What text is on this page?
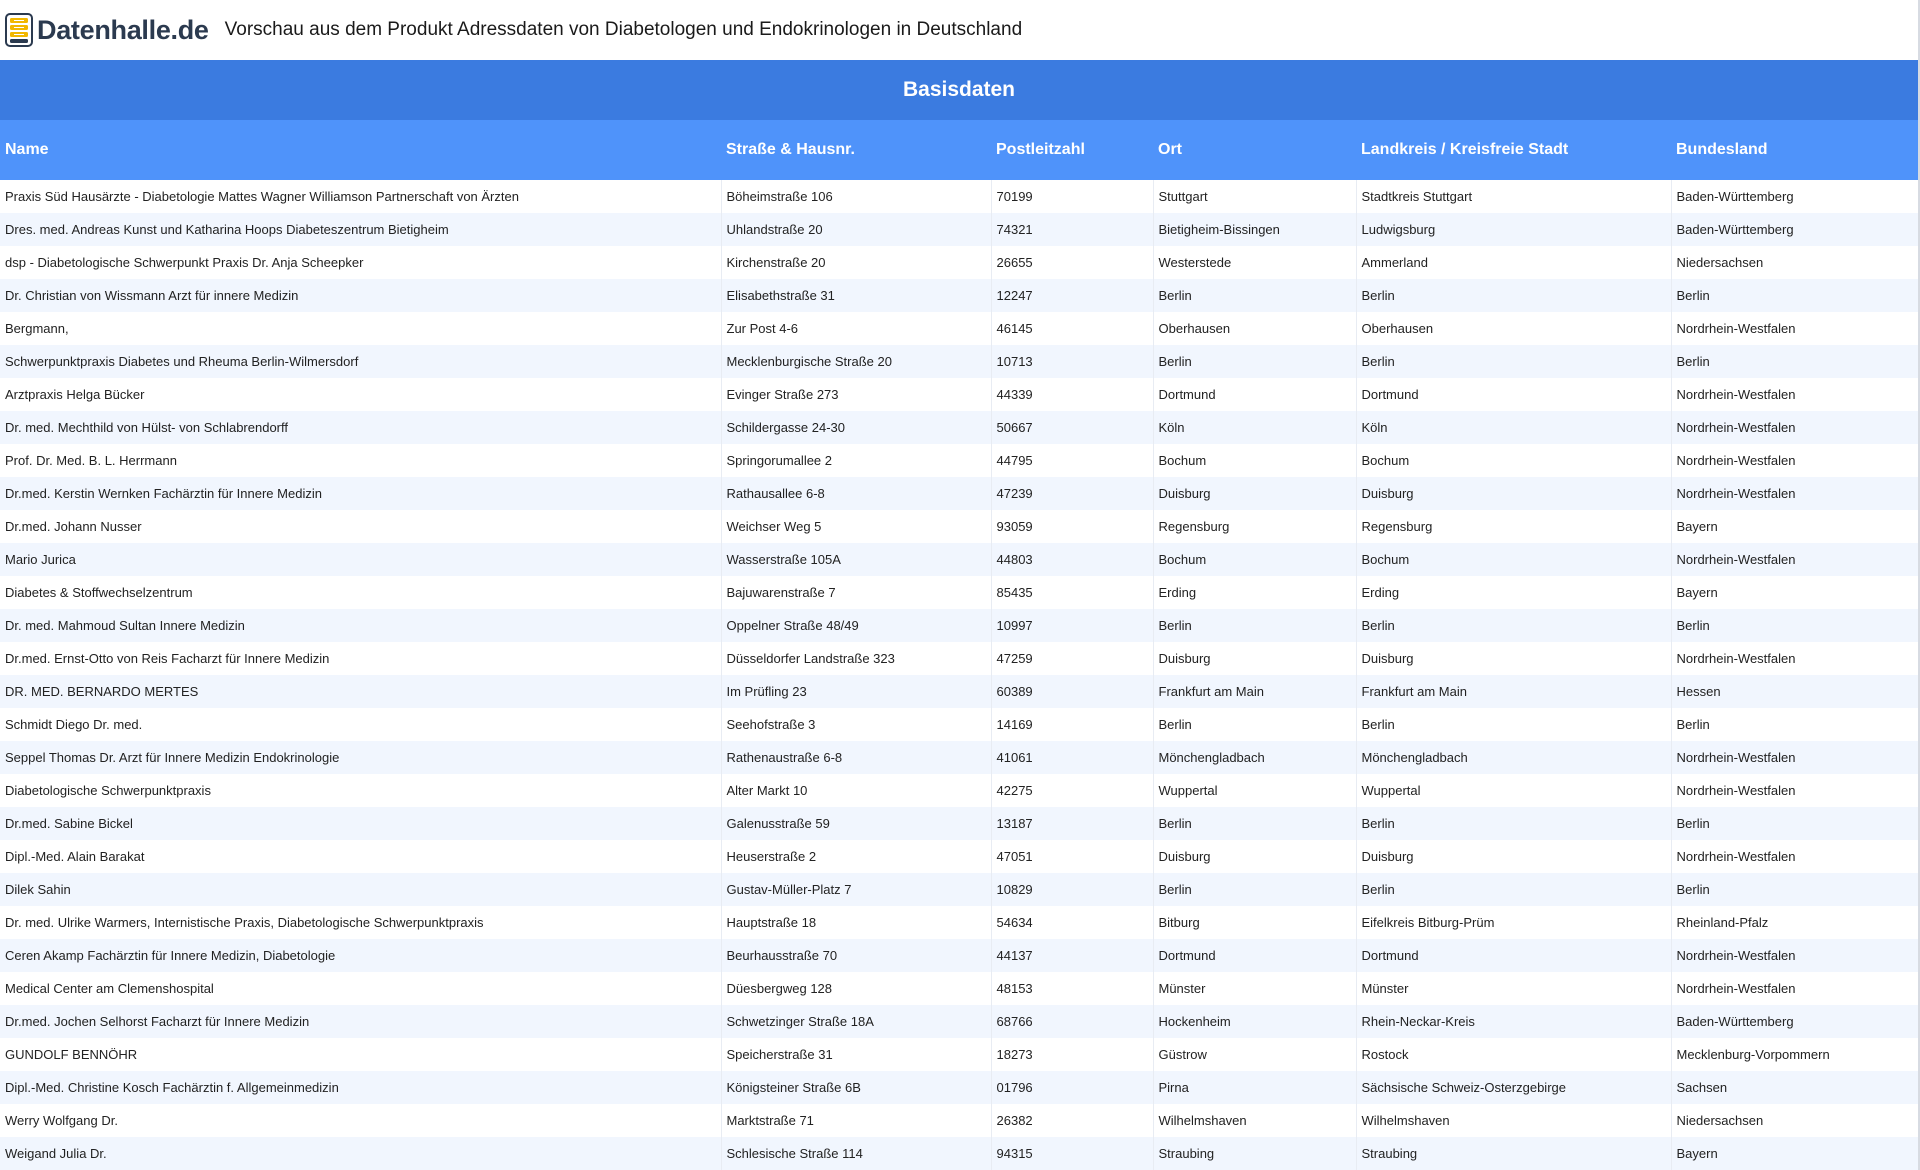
Datenhalle.de Vorschau aus dem Produkt Adressdaten von Diabetologen und Endokrinologen in Deutschland
Basisdaten
Name	Straße & Hausnr.	Postleitzahl	Ort	Landkreis / Kreisfreie Stadt	Bundesland
Praxis Süd Hausärzte - Diabetologie Mattes Wagner Williamson Partnerschaft von Ärzten	Böheimstraße 106	70199	Stuttgart	Stadtkreis Stuttgart	Baden-Württemberg
Dres. med. Andreas Kunst und Katharina Hoops Diabeteszentrum Bietigheim	Uhlandstraße 20	74321	Bietigheim-Bissingen	Ludwigsburg	Baden-Württemberg
dsp - Diabetologische Schwerpunkt Praxis Dr. Anja Scheepker	Kirchenstraße 20	26655	Westerstede	Ammerland	Niedersachsen
Dr. Christian von Wissmann Arzt für innere Medizin	Elisabethstraße 31	12247	Berlin	Berlin	Berlin
Bergmann,	Zur Post 4-6	46145	Oberhausen	Oberhausen	Nordrhein-Westfalen
Schwerpunktpraxis Diabetes und Rheuma Berlin-Wilmersdorf	Mecklenburgische Straße 20	10713	Berlin	Berlin	Berlin
Arztpraxis Helga Bücker	Evinger Straße 273	44339	Dortmund	Dortmund	Nordrhein-Westfalen
Dr. med. Mechthild von Hülst- von Schlabrendorff	Schildergasse 24-30	50667	Köln	Köln	Nordrhein-Westfalen
Prof. Dr. Med. B. L. Herrmann	Springorumallee 2	44795	Bochum	Bochum	Nordrhein-Westfalen
Dr.med. Kerstin Wernken Fachärztin für Innere Medizin	Rathausallee 6-8	47239	Duisburg	Duisburg	Nordrhein-Westfalen
Dr.med. Johann Nusser	Weichser Weg 5	93059	Regensburg	Regensburg	Bayern
Mario Jurica	Wasserstraße 105A	44803	Bochum	Bochum	Nordrhein-Westfalen
Diabetes & Stoffwechselzentrum	Bajuwarenstraße 7	85435	Erding	Erding	Bayern
Dr. med. Mahmoud Sultan Innere Medizin	Oppelner Straße 48/49	10997	Berlin	Berlin	Berlin
Dr.med. Ernst-Otto von Reis Facharzt für Innere Medizin	Düsseldorfer Landstraße 323	47259	Duisburg	Duisburg	Nordrhein-Westfalen
DR. MED. BERNARDO MERTES	Im Prüfling 23	60389	Frankfurt am Main	Frankfurt am Main	Hessen
Schmidt Diego Dr. med.	Seehofstraße 3	14169	Berlin	Berlin	Berlin
Seppel Thomas Dr. Arzt für Innere Medizin Endokrinologie	Rathenaustraße 6-8	41061	Mönchengladbach	Mönchengladbach	Nordrhein-Westfalen
Diabetologische Schwerpunktpraxis	Alter Markt 10	42275	Wuppertal	Wuppertal	Nordrhein-Westfalen
Dr.med. Sabine Bickel	Galenusstraße 59	13187	Berlin	Berlin	Berlin
Dipl.-Med. Alain Barakat	Heuserstraße 2	47051	Duisburg	Duisburg	Nordrhein-Westfalen
Dilek Sahin	Gustav-Müller-Platz 7	10829	Berlin	Berlin	Berlin
Dr. med. Ulrike Warmers, Internistische Praxis, Diabetologische Schwerpunktpraxis	Hauptstraße 18	54634	Bitburg	Eifelkreis Bitburg-Prüm	Rheinland-Pfalz
Ceren Akamp Fachärztin für Innere Medizin, Diabetologie	Beurhausstraße 70	44137	Dortmund	Dortmund	Nordrhein-Westfalen
Medical Center am Clemenshospital	Düesbergweg 128	48153	Münster	Münster	Nordrhein-Westfalen
Dr.med. Jochen Selhorst Facharzt für Innere Medizin	Schwetzinger Straße 18A	68766	Hockenheim	Rhein-Neckar-Kreis	Baden-Württemberg
GUNDOLF BENNÖHR	Speicherstraße 31	18273	Güstrow	Rostock	Mecklenburg-Vorpommern
Dipl.-Med. Christine Kosch Fachärztin f. Allgemeinmedizin	Königsteiner Straße 6B	01796	Pirna	Sächsische Schweiz-Osterzgebirge	Sachsen
Werry Wolfgang Dr.	Marktstraße 71	26382	Wilhelmshaven	Wilhelmshaven	Niedersachsen
Weigand Julia Dr.	Schlesische Straße 114	94315	Straubing	Straubing	Bayern
